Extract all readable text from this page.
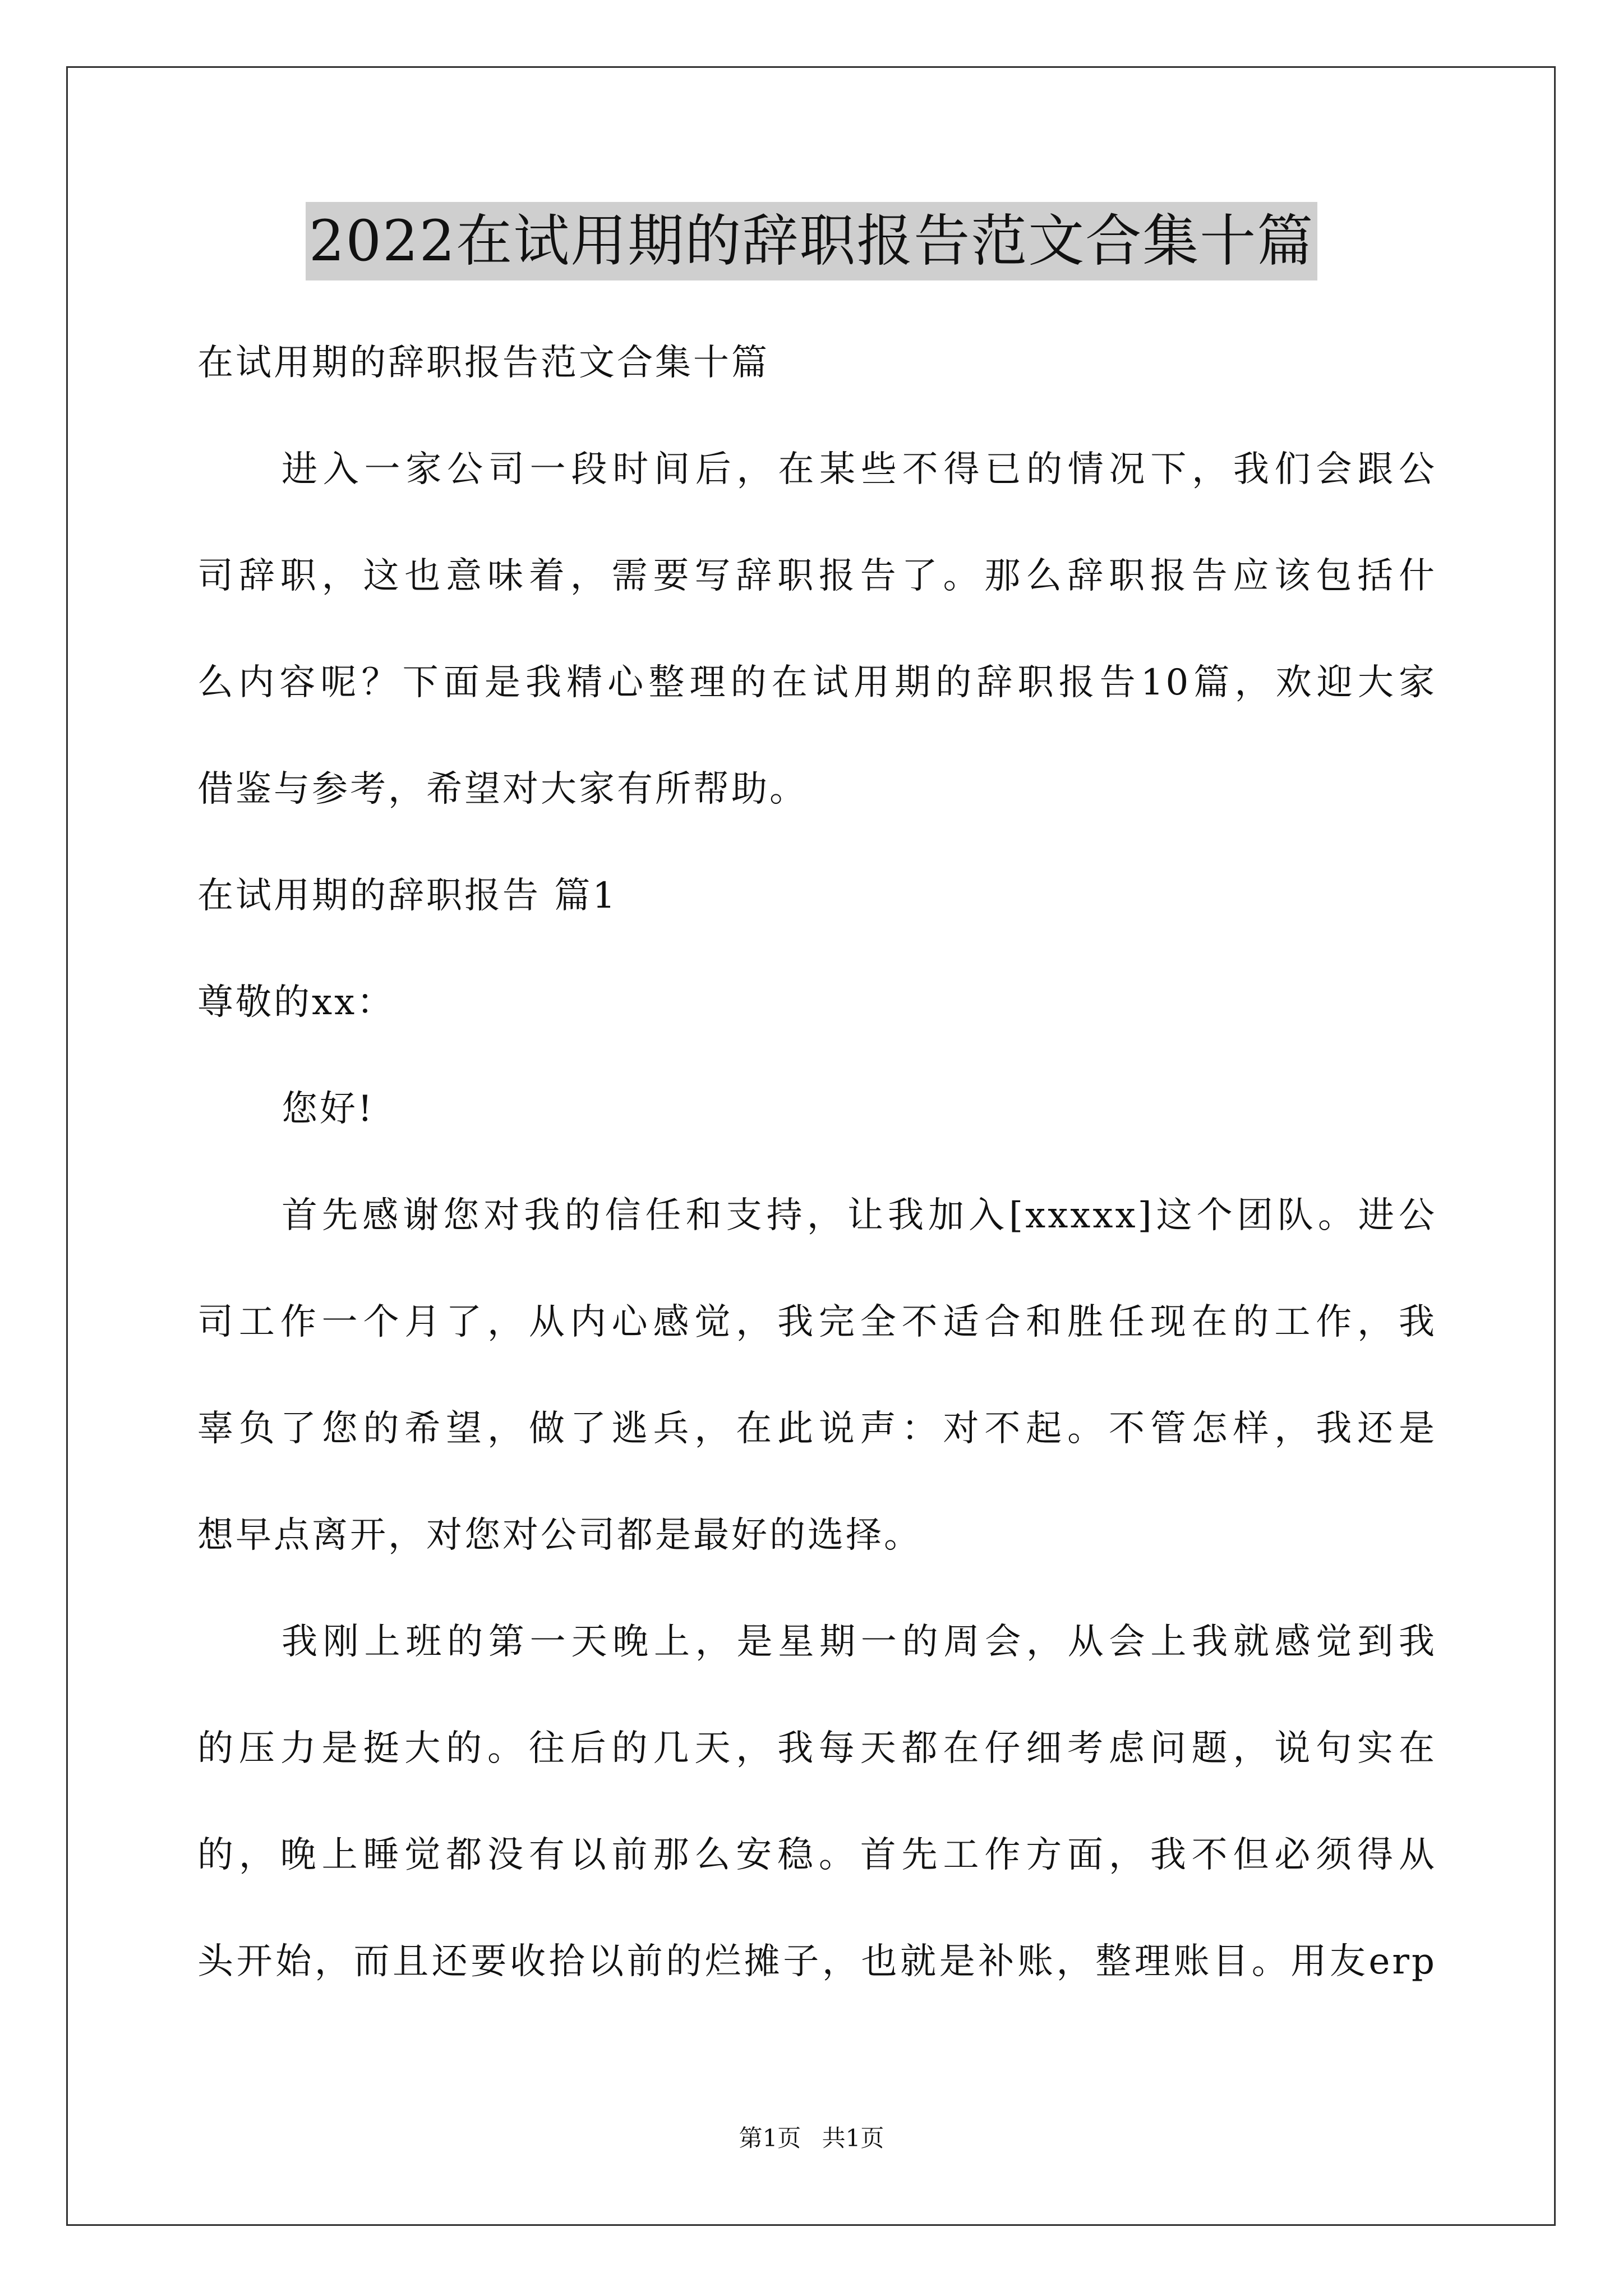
2022在试用期的辞职报告范文合集十篇
在试用期的辞职报告范文合集十篇
进入一家公司一段时间后，在某些不得已的情况下，我们会跟公
司辞职，这也意味着，需要写辞职报告了。那么辞职报告应该包括什
么内容呢？下面是我精心整理的在试用期的辞职报告10篇，欢迎大家
借鉴与参考，希望对大家有所帮助。
在试用期的辞职报告 篇1
尊敬的xx：
您好!
首先感谢您对我的信任和支持，让我加入[xxxxx]这个团队。进公
司工作一个月了，从内心感觉，我完全不适合和胜任现在的工作，我
辜负了您的希望，做了逃兵，在此说声：对不起。不管怎样，我还是
想早点离开，对您对公司都是最好的选择。
我刚上班的第一天晚上，是星期一的周会，从会上我就感觉到我
的压力是挺大的。往后的几天，我每天都在仔细考虑问题，说句实在
的，晚上睡觉都没有以前那么安稳。首先工作方面，我不但必须得从
头开始，而且还要收拾以前的烂摊子，也就是补账，整理账目。用友erp
第1页 共1页
